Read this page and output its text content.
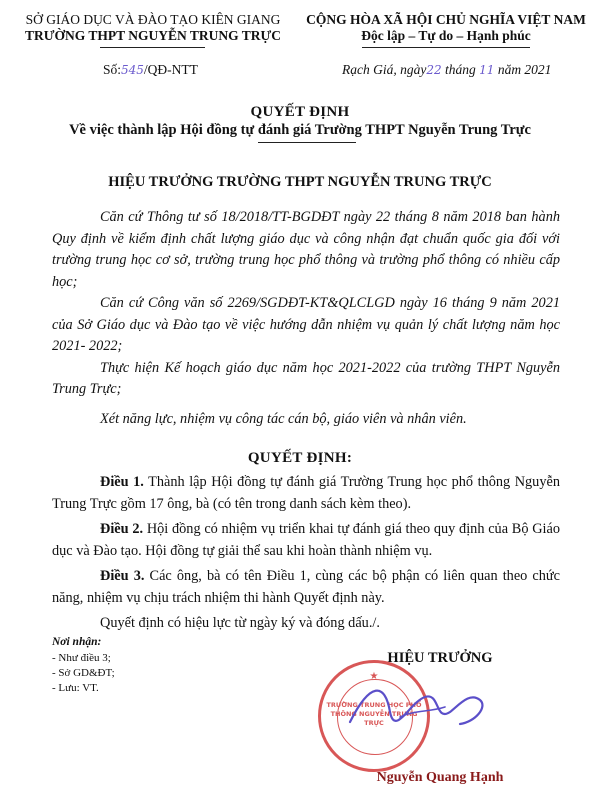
SỞ GIÁO DỤC VÀ ĐÀO TẠO KIÊN GIANG
TRƯỜNG THPT NGUYỄN TRUNG TRỰC
CỘNG HÒA XÃ HỘI CHỦ NGHĨA VIỆT NAM
Độc lập – Tự do – Hạnh phúc
Số:545/QĐ-NTT	Rạch Giá, ngày22 tháng 11 năm 2021
QUYẾT ĐỊNH
Về việc thành lập Hội đồng tự đánh giá Trường THPT Nguyễn Trung Trực
HIỆU TRƯỞNG TRƯỜNG THPT NGUYỄN TRUNG TRỰC

Căn cứ Thông tư số 18/2018/TT-BGDĐT ngày 22 tháng 8 năm 2018 ban hành Quy định về kiểm định chất lượng giáo dục và công nhận đạt chuẩn quốc gia đối với trường trung học cơ sở, trường trung học phổ thông và trường phổ thông có nhiều cấp học;

Căn cứ Công văn số 2269/SGDĐT-KT&QLCLGD ngày 16 tháng 9 năm 2021 của Sở Giáo dục và Đào tạo về việc hướng dẫn nhiệm vụ quản lý chất lượng năm học 2021- 2022;

Thực hiện Kế hoạch giáo dục năm học 2021-2022 của trường THPT Nguyễn Trung Trực;

Xét năng lực, nhiệm vụ công tác cán bộ, giáo viên và nhân viên.

QUYẾT ĐỊNH:

Điều 1. Thành lập Hội đồng tự đánh giá Trường Trung học phổ thông Nguyễn Trung Trực gồm 17 ông, bà (có tên trong danh sách kèm theo).

Điều 2. Hội đồng có nhiệm vụ triển khai tự đánh giá theo quy định của Bộ Giáo dục và Đào tạo. Hội đồng tự giải thể sau khi hoàn thành nhiệm vụ.

Điều 3. Các ông, bà có tên Điều 1, cùng các bộ phận có liên quan theo chức năng, nhiệm vụ chịu trách nhiệm thi hành Quyết định này.

Quyết định có hiệu lực từ ngày ký và đóng dấu./.

Nơi nhận:
- Như điều 3;
- Sở GD&ĐT;
- Lưu: VT.
HIỆU TRƯỞNG
TRƯỜNG TRUNG HỌC PHỔ THÔNG NGUYỄN TRUNG TRỰC
★
Nguyễn Quang Hạnh
